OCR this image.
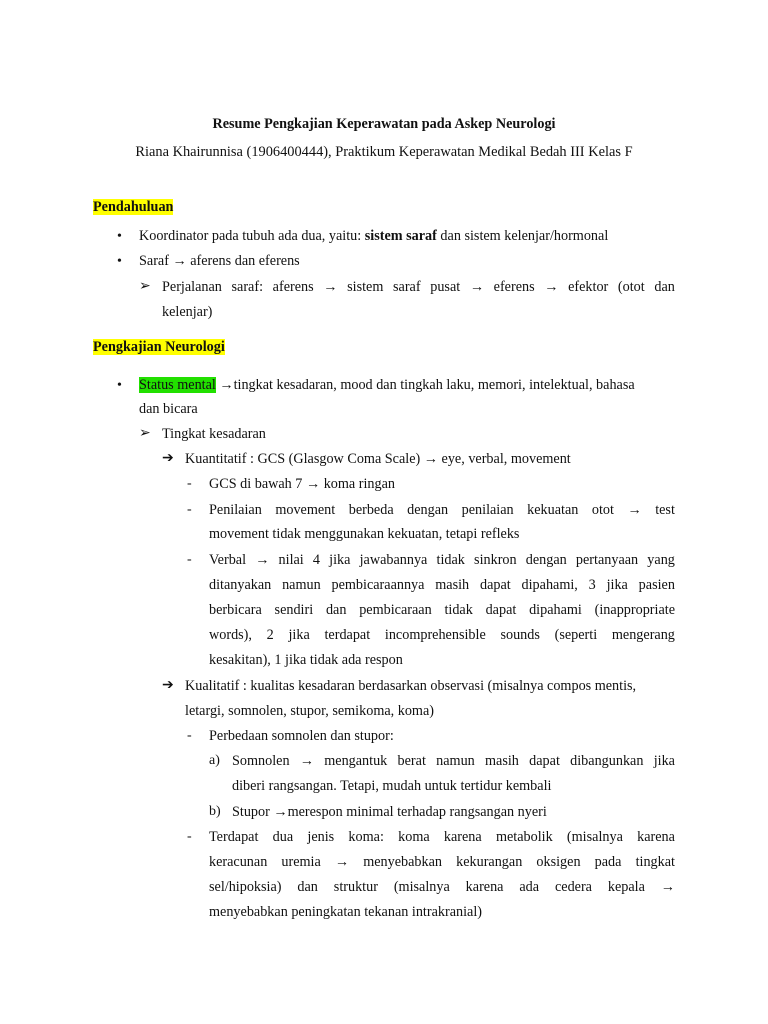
Resume Pengkajian Keperawatan pada Askep Neurologi
Riana Khairunnisa (1906400444), Praktikum Keperawatan Medikal Bedah III Kelas F
Pendahuluan
• Koordinator pada tubuh ada dua, yaitu: sistem saraf dan sistem kelenjar/hormonal
• Saraf → aferens dan eferens
➢ Perjalanan saraf: aferens → sistem saraf pusat → eferens → efektor (otot dan
kelenjar)
Pengkajian Neurologi
• Status mental →tingkat kesadaran, mood dan tingkah laku, memori, intelektual, bahasa
dan bicara
➢ Tingkat kesadaran
➔ Kuantitatif : GCS (Glasgow Coma Scale) → eye, verbal, movement
- GCS di bawah 7 → koma ringan
- Penilaian movement berbeda dengan penilaian kekuatan otot → test
movement tidak menggunakan kekuatan, tetapi refleks
- Verbal → nilai 4 jika jawabannya tidak sinkron dengan pertanyaan yang
ditanyakan namun pembicaraannya masih dapat dipahami, 3 jika pasien
berbicara sendiri dan pembicaraan tidak dapat dipahami (inappropriate
words), 2 jika terdapat incomprehensible sounds (seperti mengerang
kesakitan), 1 jika tidak ada respon
➔ Kualitatif : kualitas kesadaran berdasarkan observasi (misalnya compos mentis,
letargi, somnolen, stupor, semikoma, koma)
- Perbedaan somnolen dan stupor:
a) Somnolen → mengantuk berat namun masih dapat dibangunkan jika
diberi rangsangan. Tetapi, mudah untuk tertidur kembali
b) Stupor →merespon minimal terhadap rangsangan nyeri
- Terdapat dua jenis koma: koma karena metabolik (misalnya karena
keracunan uremia → menyebabkan kekurangan oksigen pada tingkat
sel/hipoksia) dan struktur (misalnya karena ada cedera kepala →
menyebabkan peningkatan tekanan intrakranial)
